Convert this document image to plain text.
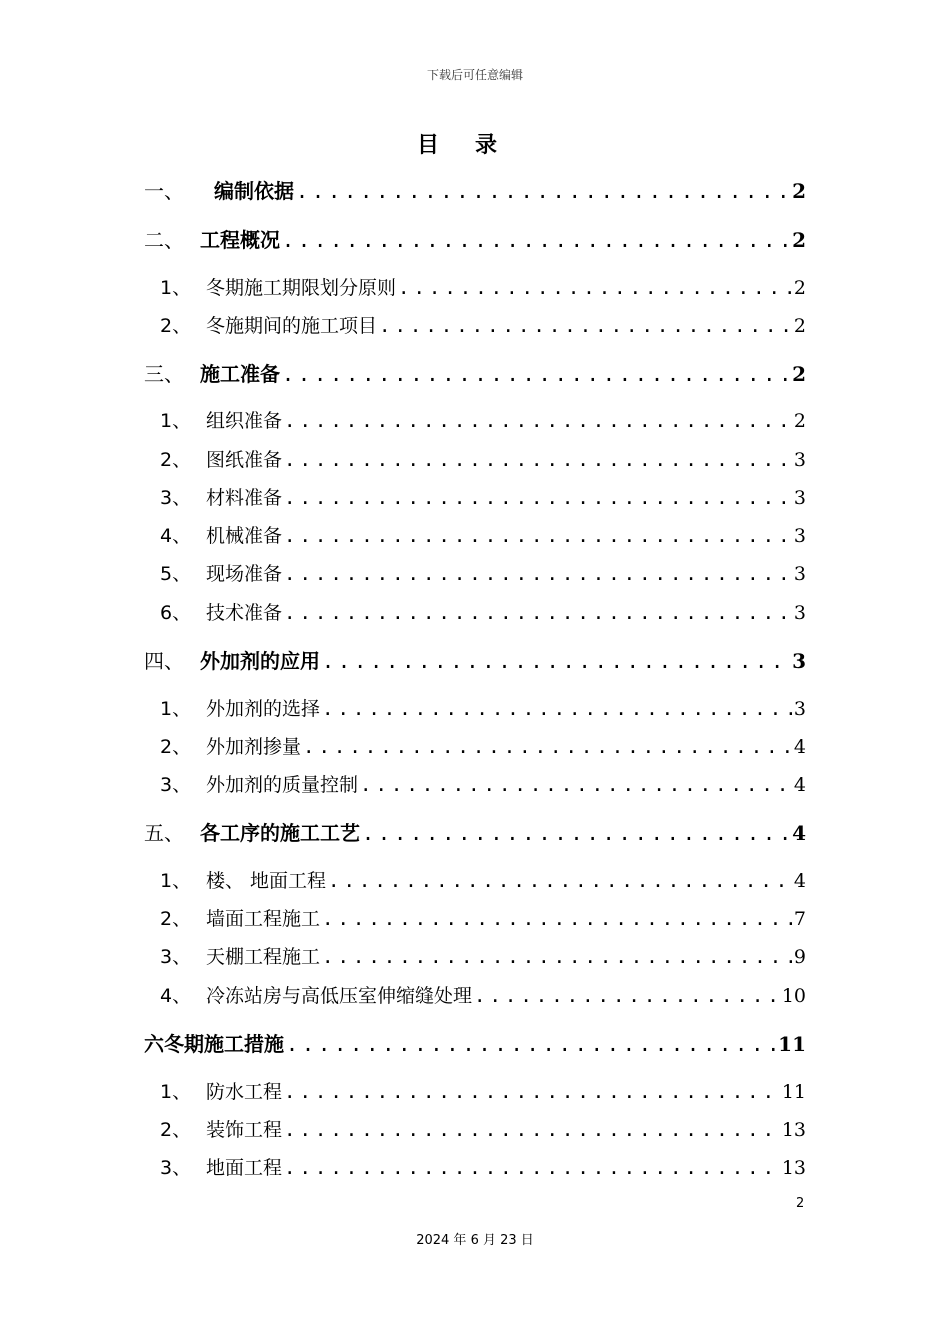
下载后可任意编辑
目录
一、	编制依据 .....	2
二、 工程概况 .....	2
1、 冬期施工期限划分原则 .....	2
2、 冬施期间的施工项目 .....	2
三、 施工准备 .....	2
1、 组织准备 .....	2
2、 图纸准备 .....	3
3、 材料准备 .....	3
4、 机械准备 .....	3
5、 现场准备 .....	3
6、 技术准备 .....	3
四、 外加剂的应用 .....	3
1、 外加剂的选择 .....	3
2、 外加剂掺量 .....	4
3、 外加剂的质量控制 .....	4
五、 各工序的施工工艺 .....	4
1、 楼、 地面工程 .....	4
2、 墙面工程施工 .....	7
3、 天棚工程施工 .....	9
4、 冷冻站房与高低压室伸缩缝处理 .....	10
六冬期施工措施 .....	11
1、 防水工程 .....	11
2、 装饰工程 .....	13
3、 地面工程 .....	13
2
2024 年 6 月 23 日
